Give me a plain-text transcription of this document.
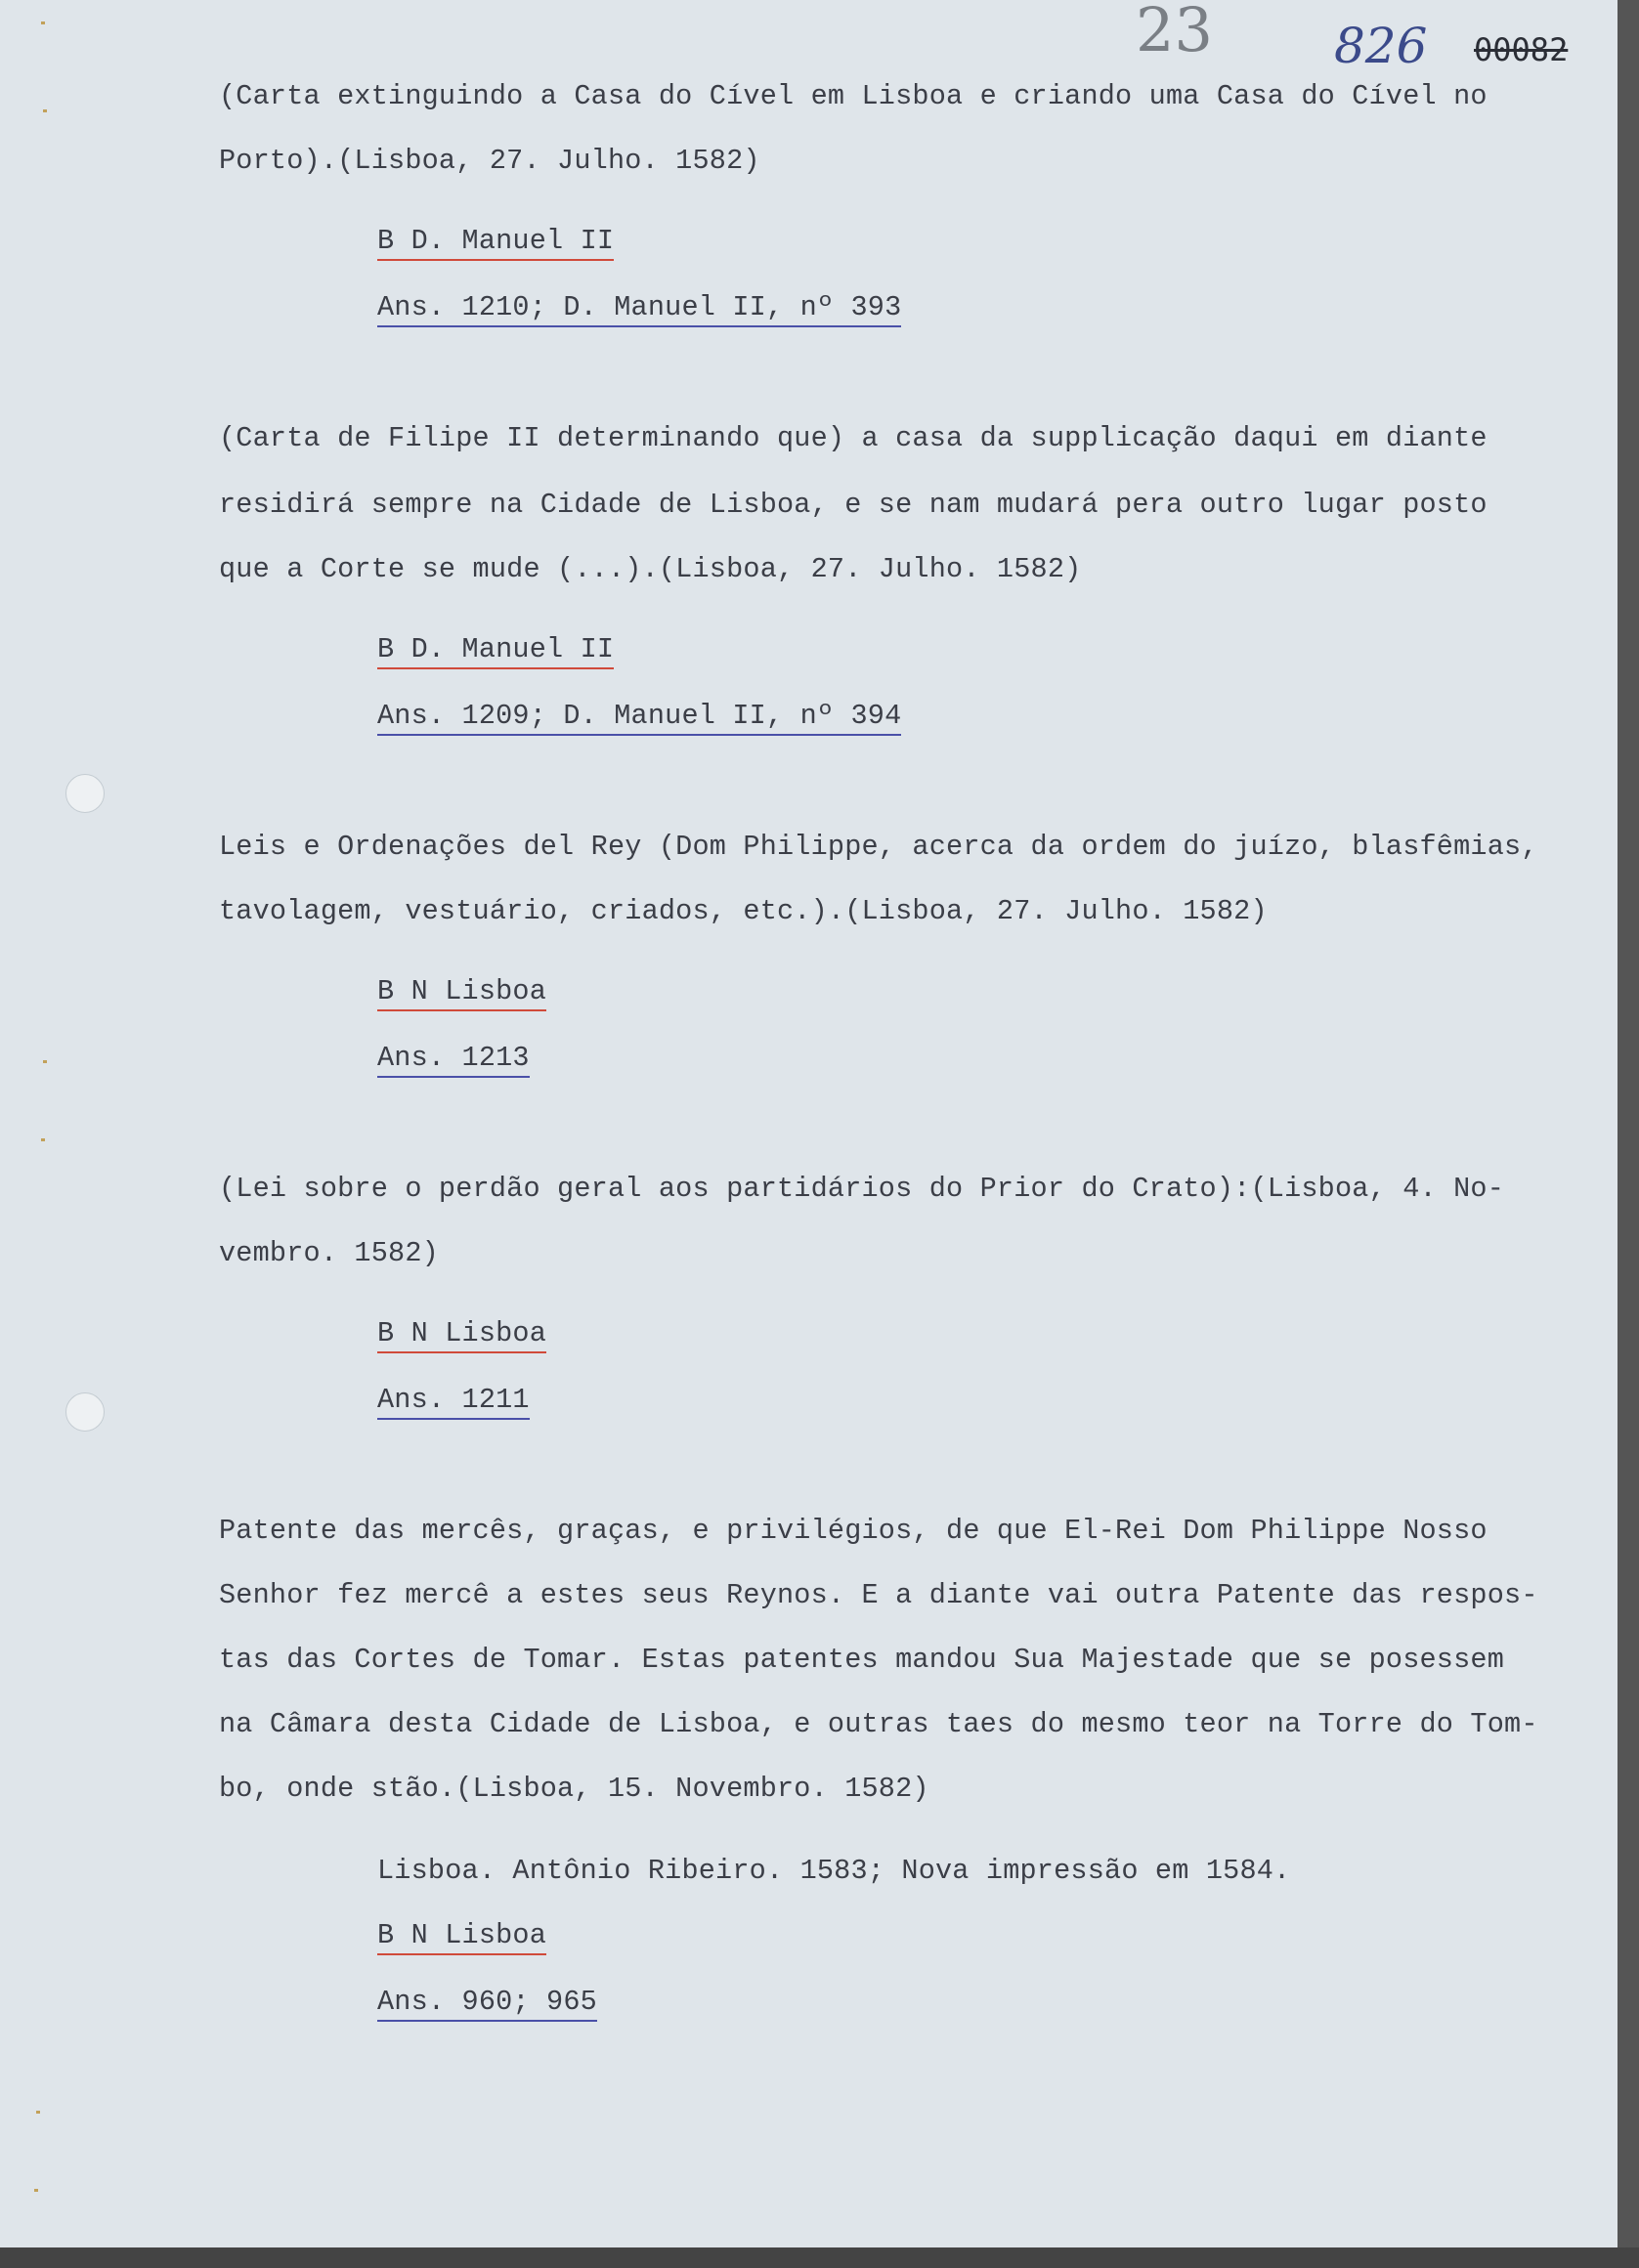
23 826 00082
(Carta extinguindo a Casa do Cível em Lisboa e criando uma Casa do Cível no
Porto).(Lisboa, 27. Julho. 1582)
B D. Manuel II
Ans. 1210; D. Manuel II, nº 393
(Carta de Filipe II determinando que) a casa da supplicação daqui em diante
residirá sempre na Cidade de Lisboa, e se nam mudará pera outro lugar posto
que a Corte se mude (...).(Lisboa, 27. Julho. 1582)
B D. Manuel II
Ans. 1209; D. Manuel II, nº 394
Leis e Ordenações del Rey (Dom Philippe, acerca da ordem do juízo, blasfêmias,
tavolagem, vestuário, criados, etc.).(Lisboa, 27. Julho. 1582)
B N Lisboa
Ans. 1213
(Lei sobre o perdão geral aos partidários do Prior do Crato):(Lisboa, 4. No-
vembro. 1582)
B N Lisboa
Ans. 1211
Patente das mercês, graças, e privilégios, de que El-Rei Dom Philippe Nosso
Senhor fez mercê a estes seus Reynos. E a diante vai outra Patente das respos-
tas das Cortes de Tomar. Estas patentes mandou Sua Majestade que se posessem
na Câmara desta Cidade de Lisboa, e outras taes do mesmo teor na Torre do Tom-
bo, onde stão.(Lisboa, 15. Novembro. 1582)
Lisboa. Antônio Ribeiro. 1583; Nova impressão em 1584.
B N Lisboa
Ans. 960; 965
